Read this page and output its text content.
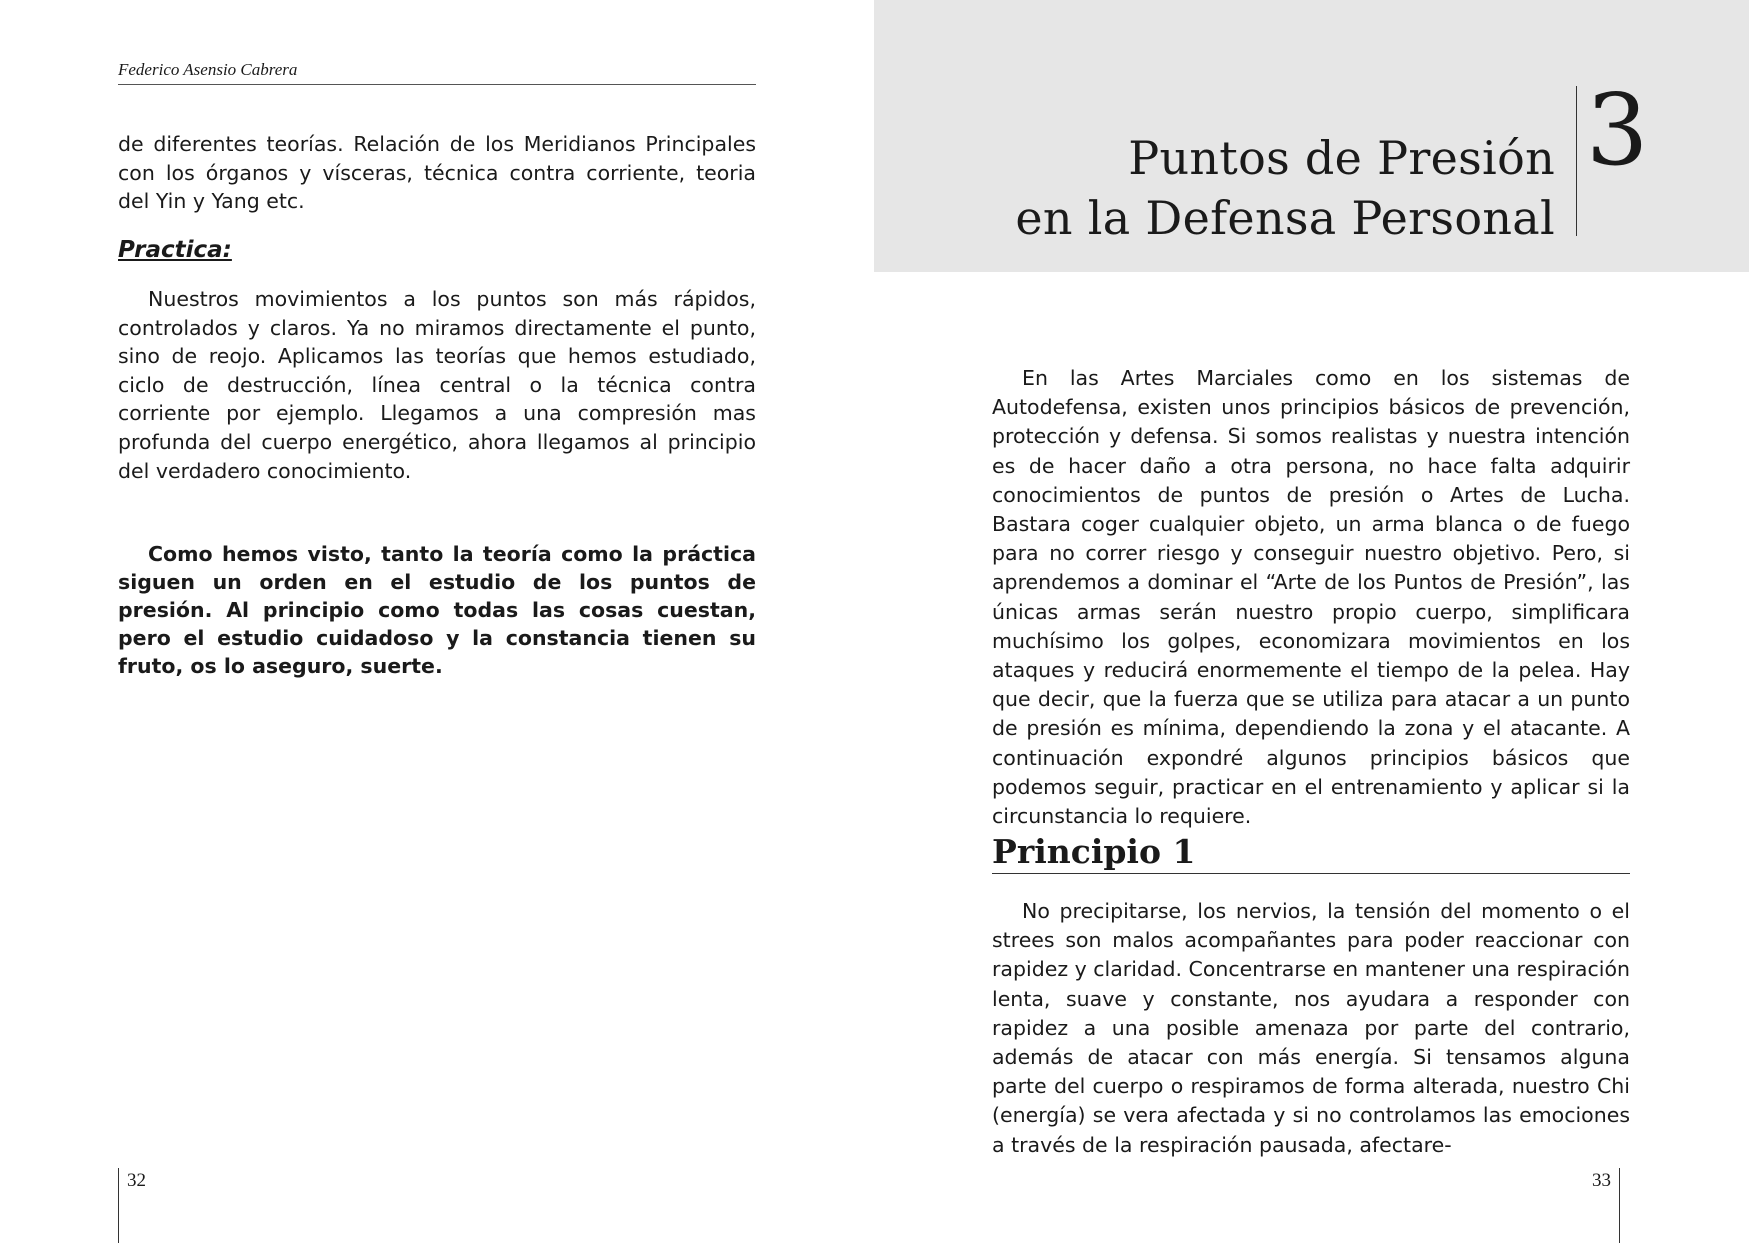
Federico Asensio Cabrera

de diferentes teorías. Relación de los Meridianos Principales con los órganos y vísceras, técnica contra corriente, teoria del Yin y Yang etc.

Practica:

Nuestros movimientos a los puntos son más rápidos, controlados y claros. Ya no miramos directamente el punto, sino de reojo. Aplicamos las teorías que hemos estudiado, ciclo de destrucción, línea central o la técnica contra corriente por ejemplo. Llegamos a una compresión mas profunda del cuerpo energético, ahora llegamos al principio del verdadero conocimiento.

Como hemos visto, tanto la teoría como la práctica siguen un orden en el estudio de los puntos de presión. Al principio como todas las cosas cuestan, pero el estudio cuidadoso y la constancia tienen su fruto, os lo aseguro, suerte.

32
Puntos de Presión
en la Defensa Personal
3

En las Artes Marciales como en los sistemas de Autodefensa, existen unos principios básicos de prevención, protección y defensa. Si somos realistas y nuestra intención es de hacer daño a otra persona, no hace falta adquirir conocimientos de puntos de presión o Artes de Lucha. Bastara coger cualquier objeto, un arma blanca o de fuego para no correr riesgo y conseguir nuestro objetivo. Pero, si aprendemos a dominar el “Arte de los Puntos de Presión”, las únicas armas serán nuestro propio cuerpo, simplificara muchísimo los golpes, economizara movimientos en los ataques y reducirá enormemente el tiempo de la pelea. Hay que decir, que la fuerza que se utiliza para atacar a un punto de presión es mínima, dependiendo la zona y el atacante. A continuación expondré algunos principios básicos que podemos seguir, practicar en el entrenamiento y aplicar si la circunstancia lo requiere.

Principio 1

No precipitarse, los nervios, la tensión del momento o el strees son malos acompañantes para poder reaccionar con rapidez y claridad. Concentrarse en mantener una respiración lenta, suave y constante, nos ayudara a responder con rapidez a una posible amenaza por parte del contrario, además de atacar con más energía. Si tensamos alguna parte del cuerpo o respiramos de forma alterada, nuestro Chi (energía) se vera afectada y si no controlamos las emociones a través de la respiración pausada, afectare-

33
